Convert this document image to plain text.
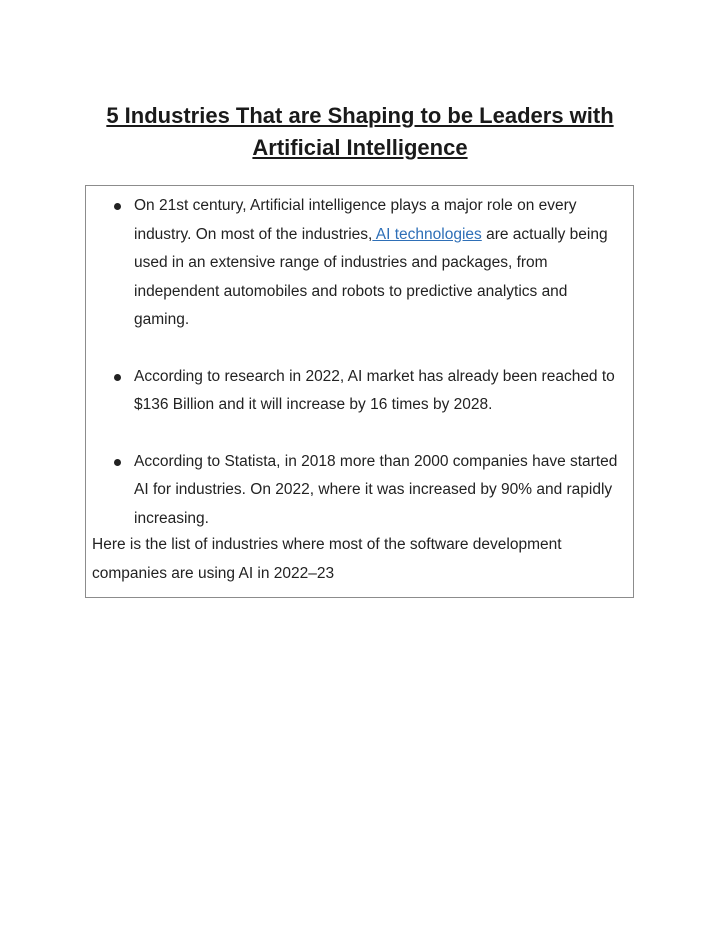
5 Industries That are Shaping to be Leaders with
Artificial Intelligence
On 21st century, Artificial intelligence plays a major role on every industry. On most of the industries, AI technologies are actually being used in an extensive range of industries and packages, from independent automobiles and robots to predictive analytics and gaming.
According to research in 2022, AI market has already been reached to $136 Billion and it will increase by 16 times by 2028.
According to Statista, in 2018 more than 2000 companies have started AI for industries. On 2022, where it was increased by 90% and rapidly increasing.
Here is the list of industries where most of the software development companies are using AI in 2022–23
